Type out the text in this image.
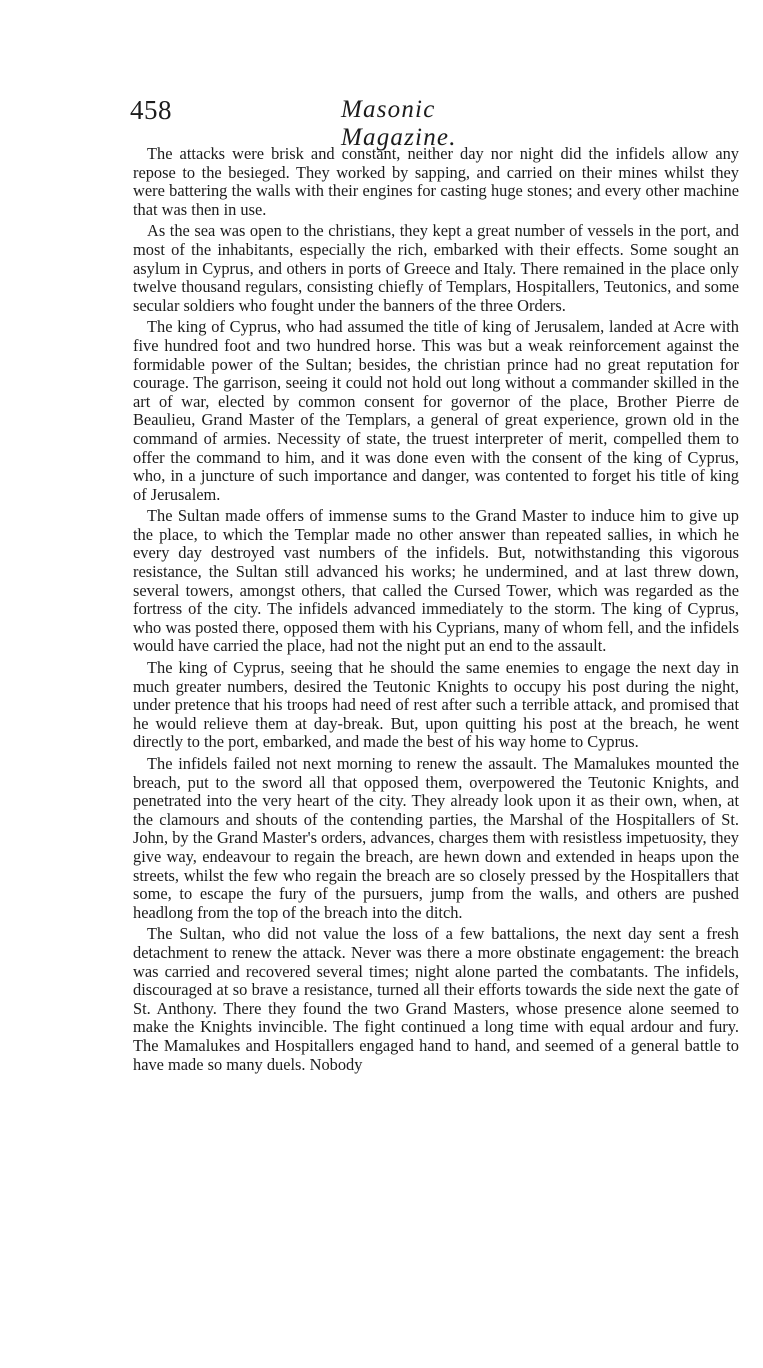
458	Masonic Magazine.

The attacks were brisk and constant, neither day nor night did the infidels allow any repose to the besieged. They worked by sapping, and carried on their mines whilst they were battering the walls with their engines for casting huge stones; and every other machine that was then in use.

As the sea was open to the christians, they kept a great number of vessels in the port, and most of the inhabitants, especially the rich, embarked with their effects. Some sought an asylum in Cyprus, and others in ports of Greece and Italy. There remained in the place only twelve thousand regulars, consisting chiefly of Templars, Hospitallers, Teutonics, and some secular soldiers who fought under the banners of the three Orders.

The king of Cyprus, who had assumed the title of king of Jerusalem, landed at Acre with five hundred foot and two hundred horse. This was but a weak reinforcement against the formidable power of the Sultan; besides, the christian prince had no great reputation for courage. The garrison, seeing it could not hold out long without a commander skilled in the art of war, elected by common consent for governor of the place, Brother Pierre de Beaulieu, Grand Master of the Templars, a general of great experience, grown old in the command of armies. Necessity of state, the truest interpreter of merit, compelled them to offer the command to him, and it was done even with the consent of the king of Cyprus, who, in a juncture of such importance and danger, was contented to forget his title of king of Jerusalem.

The Sultan made offers of immense sums to the Grand Master to induce him to give up the place, to which the Templar made no other answer than repeated sallies, in which he every day destroyed vast numbers of the infidels. But, notwithstanding this vigorous resistance, the Sultan still advanced his works; he undermined, and at last threw down, several towers, amongst others, that called the Cursed Tower, which was regarded as the fortress of the city. The infidels advanced immediately to the storm. The king of Cyprus, who was posted there, opposed them with his Cyprians, many of whom fell, and the infidels would have carried the place, had not the night put an end to the assault.

The king of Cyprus, seeing that he should the same enemies to engage the next day in much greater numbers, desired the Teutonic Knights to occupy his post during the night, under pretence that his troops had need of rest after such a terrible attack, and promised that he would relieve them at day-break. But, upon quitting his post at the breach, he went directly to the port, embarked, and made the best of his way home to Cyprus.

The infidels failed not next morning to renew the assault. The Mamalukes mounted the breach, put to the sword all that opposed them, overpowered the Teutonic Knights, and penetrated into the very heart of the city. They already look upon it as their own, when, at the clamours and shouts of the contending parties, the Marshal of the Hospitallers of St. John, by the Grand Master's orders, advances, charges them with resistless impetuosity, they give way, endeavour to regain the breach, are hewn down and extended in heaps upon the streets, whilst the few who regain the breach are so closely pressed by the Hospitallers that some, to escape the fury of the pursuers, jump from the walls, and others are pushed headlong from the top of the breach into the ditch.

The Sultan, who did not value the loss of a few battalions, the next day sent a fresh detachment to renew the attack. Never was there a more obstinate engagement: the breach was carried and recovered several times; night alone parted the combatants. The infidels, discouraged at so brave a resistance, turned all their efforts towards the side next the gate of St. Anthony. There they found the two Grand Masters, whose presence alone seemed to make the Knights invincible. The fight continued a long time with equal ardour and fury. The Mamalukes and Hospitallers engaged hand to hand, and seemed of a general battle to have made so many duels. Nobody
